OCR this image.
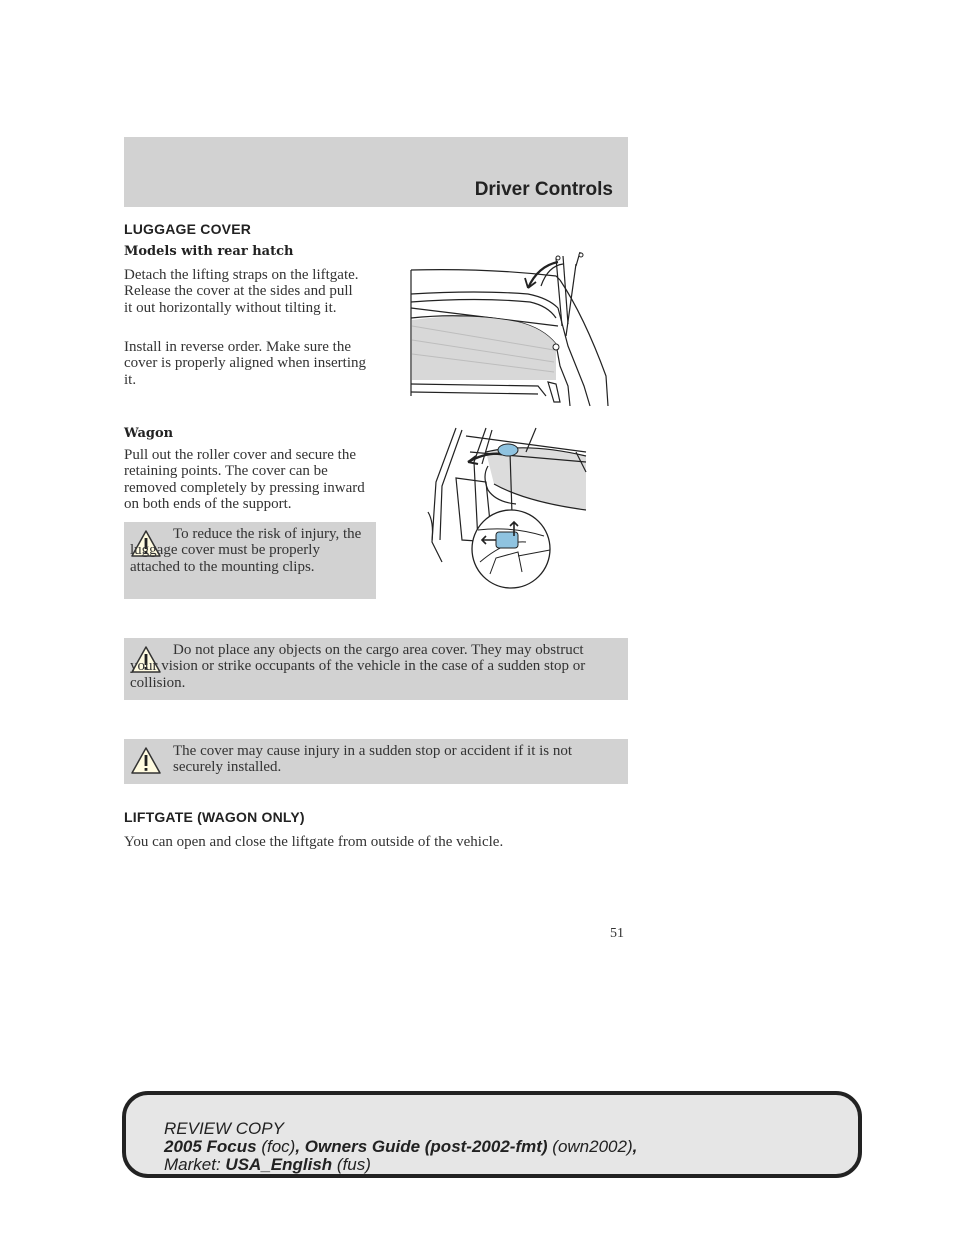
Driver Controls
LUGGAGE COVER
Models with rear hatch

Detach the lifting straps on the liftgate. Release the cover at the sides and pull it out horizontally without tilting it.

Install in reverse order. Make sure the cover is properly aligned when inserting it.

Wagon

Pull out the roller cover and secure the retaining points. The cover can be removed completely by pressing inward on both ends of the support.

To reduce the risk of injury, the luggage cover must be properly attached to the mounting clips.
Do not place any objects on the cargo area cover. They may obstruct your vision or strike occupants of the vehicle in the case of a sudden stop or collision.
The cover may cause injury in a sudden stop or accident if it is not securely installed.
LIFTGATE (WAGON ONLY)

You can open and close the liftgate from outside of the vehicle.

51
REVIEW COPY
2005 Focus (foc), Owners Guide (post-2002-fmt) (own2002),
Market: USA_English (fus)
